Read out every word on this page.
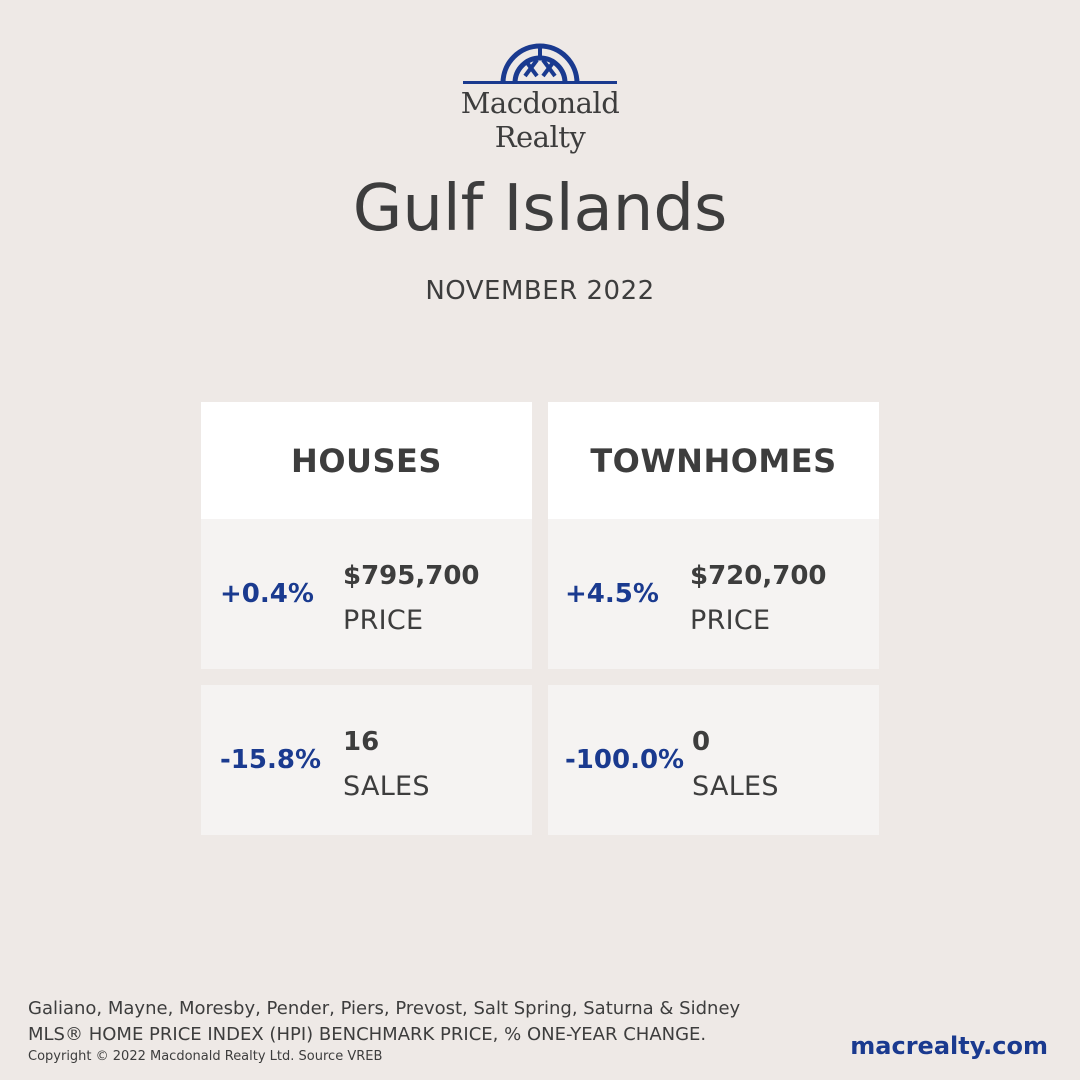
Macdonald
Realty
Gulf Islands
NOVEMBER 2022
HOUSES
+0.4%
$795,700
PRICE
-15.8%
16
SALES
TOWNHOMES
+4.5%
$720,700
PRICE
-100.0%
0
SALES
Galiano, Mayne, Moresby, Pender, Piers, Prevost, Salt Spring, Saturna & Sidney
MLS® HOME PRICE INDEX (HPI) BENCHMARK PRICE, % ONE-YEAR CHANGE.
Copyright © 2022 Macdonald Realty Ltd. Source VREB	macrealty.com
